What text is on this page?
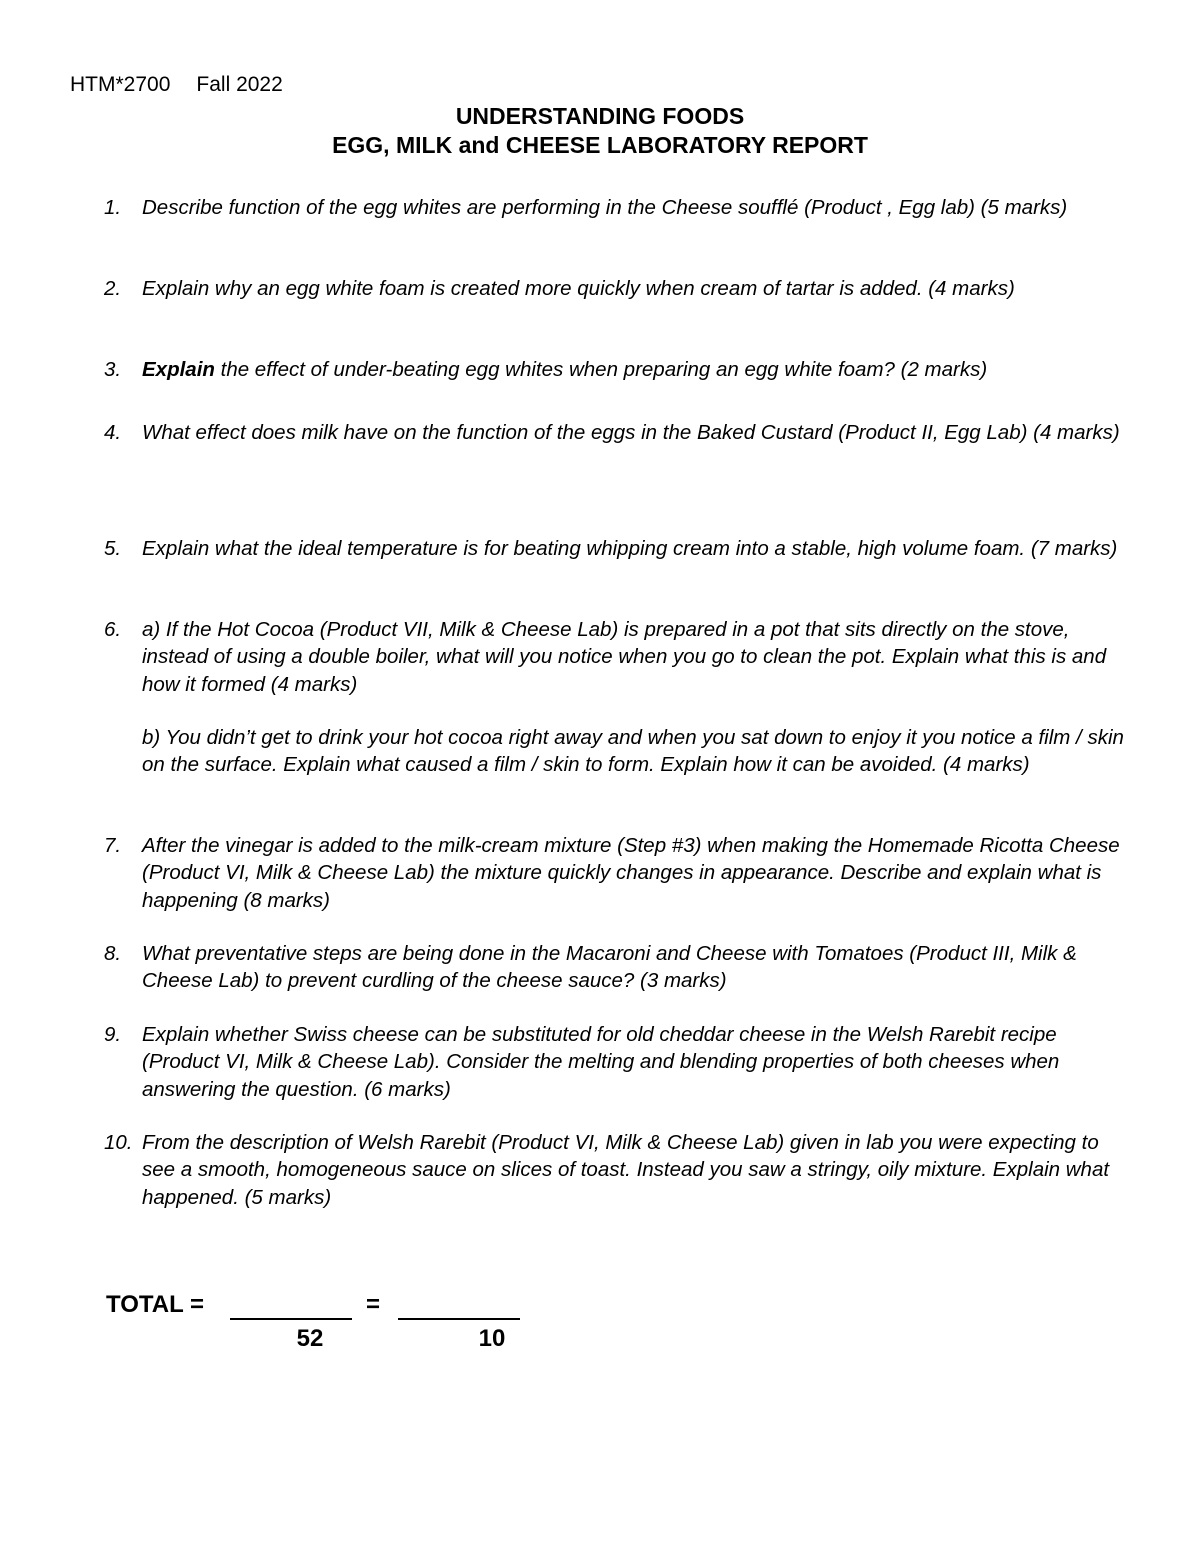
HTM*2700 Fall 2022
UNDERSTANDING FOODS
EGG, MILK and CHEESE LABORATORY REPORT
1.	Describe function of the egg whites are performing in the Cheese soufflé (Product , Egg lab) (5 marks)
2.	Explain why an egg white foam is created more quickly when cream of tartar is added. (4 marks)
3.	Explain the effect of under-beating egg whites when preparing an egg white foam? (2 marks)
4.	What effect does milk have on the function of the eggs in the Baked Custard (Product II, Egg Lab) (4 marks)
5.	Explain what the ideal temperature is for beating whipping cream into a stable, high volume foam. (7 marks)
6.	a) If the Hot Cocoa (Product VII, Milk & Cheese Lab) is prepared in a pot that sits directly on the stove, instead of using a double boiler, what will you notice when you go to clean the pot. Explain what this is and how it formed (4 marks)
b) You didn’t get to drink your hot cocoa right away and when you sat down to enjoy it you notice a film / skin on the surface. Explain what caused a film / skin to form. Explain how it can be avoided. (4 marks)
7.	After the vinegar is added to the milk-cream mixture (Step #3) when making the Homemade Ricotta Cheese (Product VI, Milk & Cheese Lab) the mixture quickly changes in appearance. Describe and explain what is happening (8 marks)
8.	What preventative steps are being done in the Macaroni and Cheese with Tomatoes (Product III, Milk & Cheese Lab) to prevent curdling of the cheese sauce? (3 marks)
9.	Explain whether Swiss cheese can be substituted for old cheddar cheese in the Welsh Rarebit recipe (Product VI, Milk & Cheese Lab). Consider the melting and blending properties of both cheeses when answering the question. (6 marks)
10. From the description of Welsh Rarebit (Product VI, Milk & Cheese Lab) given in lab you were expecting to see a smooth, homogeneous sauce on slices of toast. Instead you saw a stringy, oily mixture. Explain what happened. (5 marks)
TOTAL =	=
52	10
